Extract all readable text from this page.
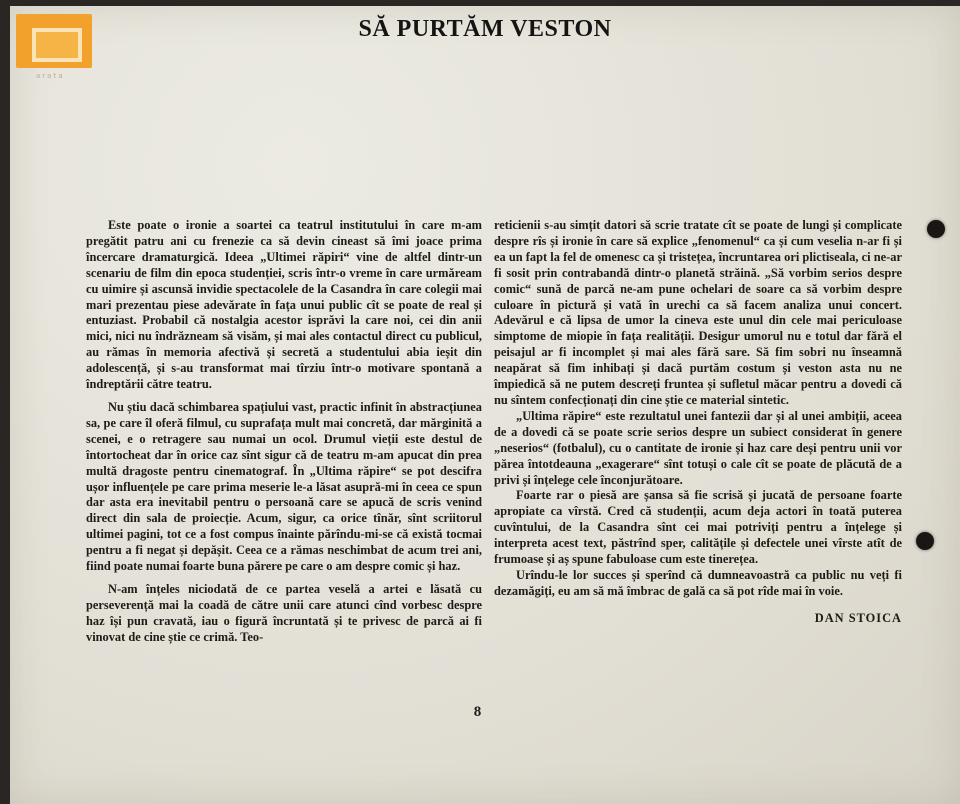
arata
SĂ PURTĂM VESTON

Este poate o ironie a soartei ca teatrul institutului în care m-am pregătit patru ani cu frenezie ca să devin cineast să îmi joace prima încercare dramaturgică. Ideea „Ultimei răpiri“ vine de altfel dintr-un scenariu de film din epoca studenției, scris într-o vreme în care urmăream cu uimire și ascunsă invidie spectacolele de la Casandra în care colegii mai mari prezentau piese adevărate în fața unui public cît se poate de real și entuziast. Probabil că nostalgia acestor isprăvi la care noi, cei din anii mici, nici nu îndrăzneam să visăm, și mai ales contactul direct cu publicul, au rămas în memoria afectivă și secretă a studentului abia ieșit din adolescență, și s-au transformat mai tîrziu într-o motivare spontană a îndreptării către teatru.

Nu știu dacă schimbarea spațiului vast, practic infinit în abstracțiunea sa, pe care îl oferă filmul, cu suprafața mult mai concretă, dar mărginită a scenei, e o retragere sau numai un ocol. Drumul vieții este destul de întortocheat dar în orice caz sînt sigur că de teatru m-am apucat din prea multă dragoste pentru cinematograf. În „Ultima răpire“ se pot descifra ușor influențele pe care prima meserie le-a lăsat asupră-mi în ceea ce spun dar asta era inevitabil pentru o persoană care se apucă de scris venind direct din sala de proiecție. Acum, sigur, ca orice tînăr, sînt scriitorul ultimei pagini, tot ce a fost compus înainte părîndu-mi-se că există tocmai pentru a fi negat și depășit. Ceea ce a rămas neschimbat de acum trei ani, fiind poate numai foarte buna părere pe care o am despre comic și haz.

N-am înțeles niciodată de ce partea veselă a artei e lăsată cu perseverență mai la coadă de către unii care atunci cînd vorbesc despre haz își pun cravată, iau o figură încruntată și te privesc de parcă ai fi vinovat de cine știe ce crimă. Teo-

reticienii s-au simțit datori să scrie tratate cît se poate de lungi și complicate despre rîs și ironie în care să explice „fenomenul“ ca și cum veselia n-ar fi și ea un fapt la fel de omenesc ca și tristețea, încruntarea ori plictiseala, ci ne-ar fi sosit prin contrabandă dintr-o planetă străină. „Să vorbim serios despre comic“ sună de parcă ne-am pune ochelari de soare ca să vorbim despre culoare în pictură și vată în urechi ca să facem analiza unui concert. Adevărul e că lipsa de umor la cineva este unul din cele mai periculoase simptome de miopie în fața realității. Desigur umorul nu e totul dar fără el peisajul ar fi incomplet și mai ales fără sare. Să fim sobri nu înseamnă neapărat să fim inhibați și dacă purtăm costum și veston asta nu ne împiedică să ne putem descreți fruntea și sufletul măcar pentru a dovedi că nu sîntem confecționați din cine știe ce material sintetic.

„Ultima răpire“ este rezultatul unei fantezii dar și al unei ambiții, aceea de a dovedi că se poate scrie serios despre un subiect considerat în genere „neserios“ (fotbalul), cu o cantitate de ironie și haz care deși pentru unii vor părea întotdeauna „exagerare“ sînt totuși o cale cît se poate de plăcută de a privi și înțelege cele înconjurătoare.

Foarte rar o piesă are șansa să fie scrisă și jucată de persoane foarte apropiate ca vîrstă. Cred că studenții, acum deja actori în toată puterea cuvîntului, de la Casandra sînt cei mai potriviți pentru a înțelege și interpreta acest text, păstrînd sper, calitățile și defectele unei vîrste atît de frumoase și aș spune fabuloase cum este tinerețea.

Urîndu-le lor succes și sperînd că dumneavoastră ca public nu veți fi dezamăgiți, eu am să mă îmbrac de gală ca să pot rîde mai în voie.

DAN STOICA
8
